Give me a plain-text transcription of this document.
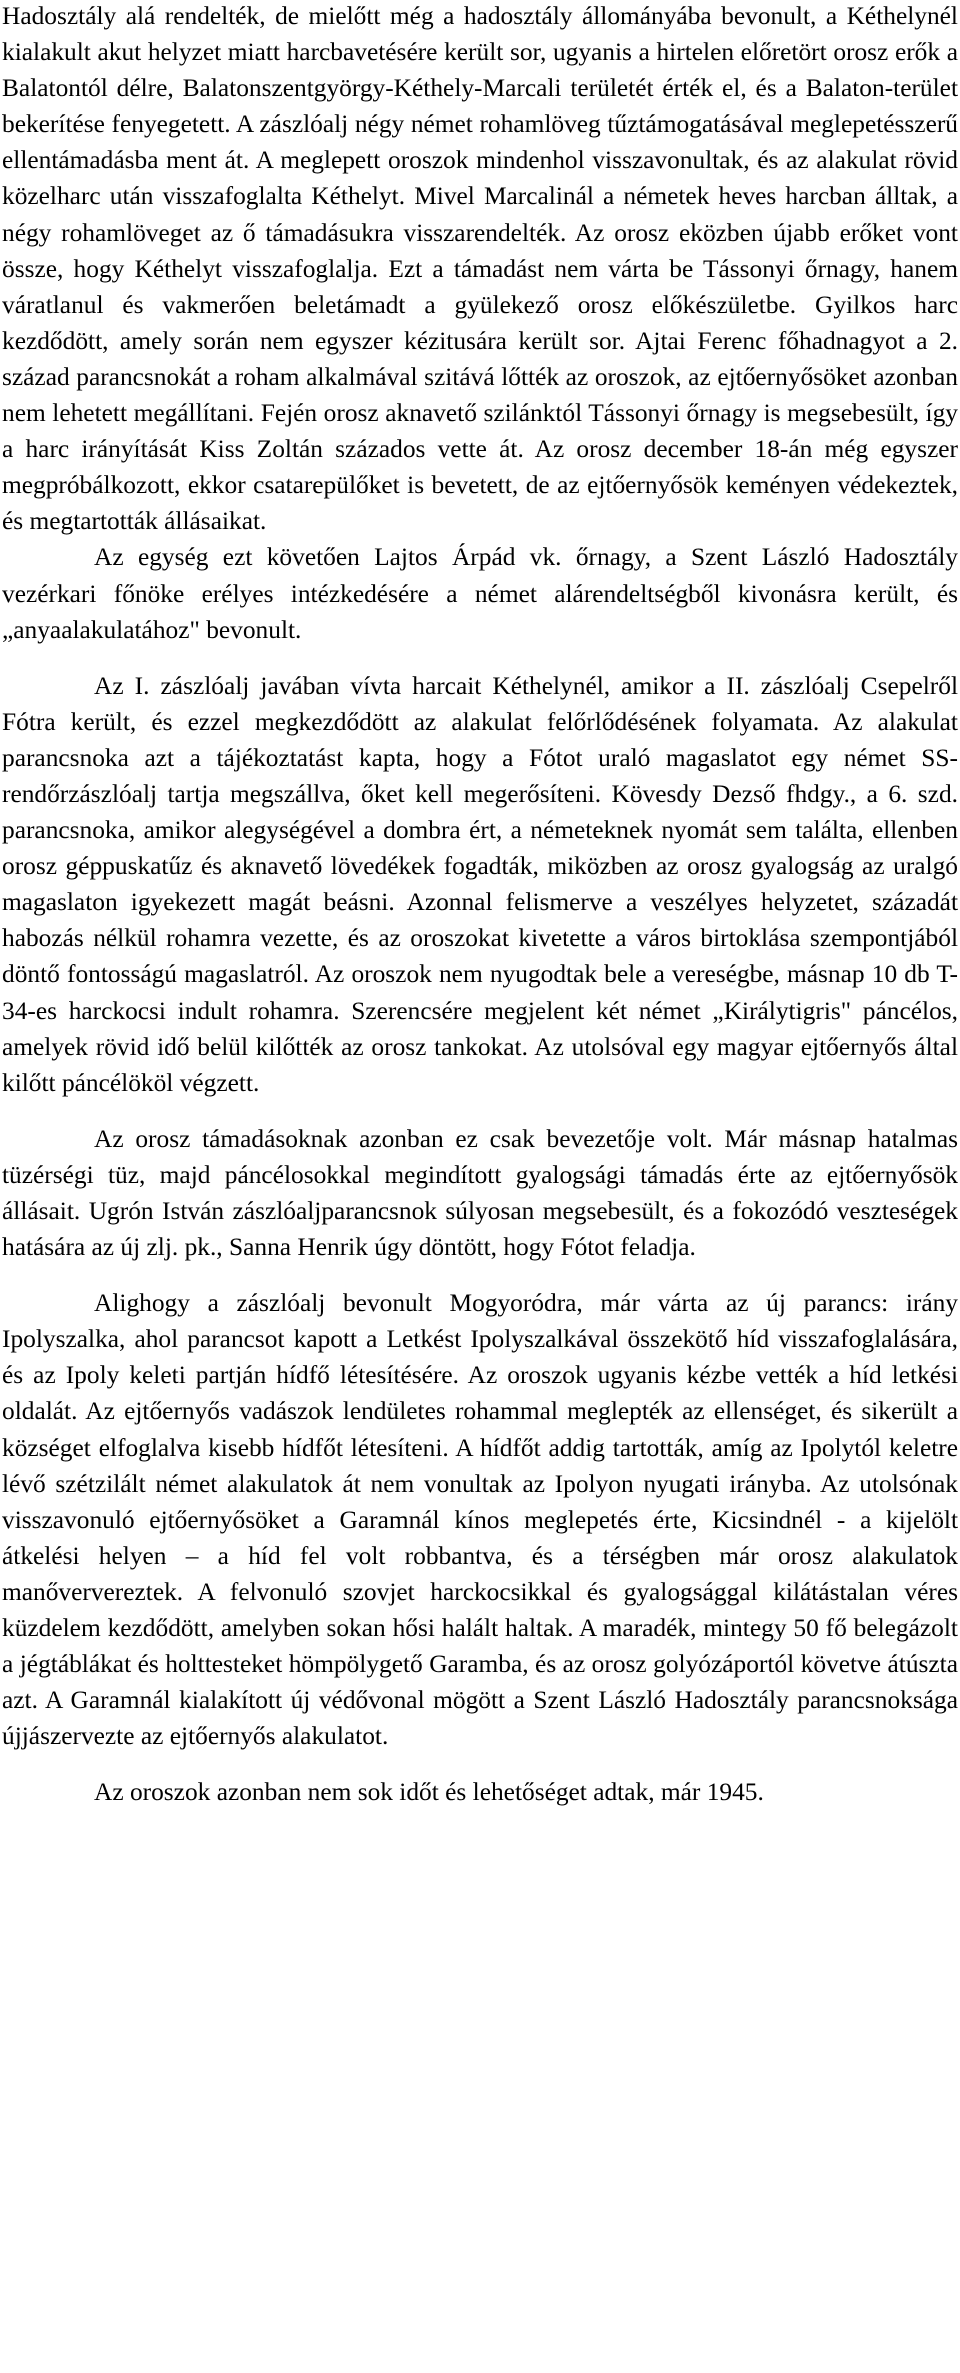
Hadosztály alá rendelték, de mielőtt még a hadosztály állományába bevonult, a Kéthelynél kialakult akut helyzet miatt harcbavetésére került sor, ugyanis a hirtelen előretört orosz erők a Balatontól délre, Balatonszentgyörgy-Kéthely-Marcali területét érték el, és a Balaton-terület bekerítése fenyegetett. A zászlóalj négy német rohamlöveg tűztámogatásával meglepetésszerű ellentámadásba ment át. A meglepett oroszok mindenhol visszavonultak, és az alakulat rövid közelharc után visszafoglalta Kéthelyt. Mivel Marcalinál a németek heves harcban álltak, a négy rohamlöveget az ő támadásukra visszarendelték. Az orosz eközben újabb erőket vont össze, hogy Kéthelyt visszafoglalja. Ezt a támadást nem várta be Tássonyi őrnagy, hanem váratlanul és vakmerően beletámadt a gyülekező orosz előkészületbe. Gyilkos harc kezdődött, amely során nem egyszer kézitusára került sor. Ajtai Ferenc főhadnagyot a 2. század parancsnokát a roham alkalmával szitává lőtték az oroszok, az ejtőernyősöket azonban nem lehetett megállítani. Fején orosz aknavető szilánktól Tássonyi őrnagy is megsebesült, így a harc irányítását Kiss Zoltán százados vette át. Az orosz december 18-án még egyszer megpróbálkozott, ekkor csatarepülőket is bevetett, de az ejtőernyősök keményen védekeztek, és megtartották állásaikat.

Az egység ezt követően Lajtos Árpád vk. őrnagy, a Szent László Hadosztály vezérkari főnöke erélyes intézkedésére a német alárendeltségből kivonásra került, és „anyaalakulatához" bevonult.

Az I. zászlóalj javában vívta harcait Kéthelynél, amikor a II. zászlóalj Csepelről Fótra került, és ezzel megkezdődött az alakulat felőrlődésének folyamata. Az alakulat parancsnoka azt a tájékoztatást kapta, hogy a Fótot uraló magaslatot egy német SS-rendőrzászlóalj tartja megszállva, őket kell megerősíteni. Kövesdy Dezső fhdgy., a 6. szd. parancsnoka, amikor alegységével a dombra ért, a németeknek nyomát sem találta, ellenben orosz géppuskatűz és aknavető lövedékek fogadták, miközben az orosz gyalogság az uralgó magaslaton igyekezett magát beásni. Azonnal felismerve a veszélyes helyzetet, századát habozás nélkül rohamra vezette, és az oroszokat kivetette a város birtoklása szempontjából döntő fontosságú magaslatról. Az oroszok nem nyugodtak bele a vereségbe, másnap 10 db T-34-es harckocsi indult rohamra. Szerencsére megjelent két német „Királytigris" páncélos, amelyek rövid idő belül kilőtték az orosz tankokat. Az utolsóval egy magyar ejtőernyős által kilőtt páncélököl végzett.

Az orosz támadásoknak azonban ez csak bevezetője volt. Már másnap hatalmas tüzérségi tüz, majd páncélosokkal megindított gyalogsági támadás érte az ejtőernyősök állásait. Ugrón István zászlóaljparancsnok súlyosan megsebesült, és a fokozódó veszteségek hatására az új zlj. pk., Sanna Henrik úgy döntött, hogy Fótot feladja.

Alighogy a zászlóalj bevonult Mogyoródra, már várta az új parancs: irány Ipolyszalka, ahol parancsot kapott a Letkést Ipolyszalkával összekötő híd visszafoglalására, és az Ipoly keleti partján hídfő létesítésére. Az oroszok ugyanis kézbe vették a híd letkési oldalát. Az ejtőernyős vadászok lendületes rohammal meglepték az ellenséget, és sikerült a községet elfoglalva kisebb hídfőt létesíteni. A hídfőt addig tartották, amíg az Ipolytól keletre lévő szétzilált német alakulatok át nem vonultak az Ipolyon nyugati irányba. Az utolsónak visszavonuló ejtőernyősöket a Garamnál kínos meglepetés érte, Kicsindnél - a kijelölt átkelési helyen – a híd fel volt robbantva, és a térségben már orosz alakulatok manőververeztek. A felvonuló szovjet harckocsikkal és gyalogsággal kilátástalan véres küzdelem kezdődött, amelyben sokan hősi halált haltak. A maradék, mintegy 50 fő belegázolt a jégtáblákat és holttesteket hömpölygető Garamba, és az orosz golyózáportól követve átúszta azt. A Garamnál kialakított új védővonal mögött a Szent László Hadosztály parancsnoksága újjászervezte az ejtőernyős alakulatot.

Az oroszok azonban nem sok időt és lehetőséget adtak, már 1945.
